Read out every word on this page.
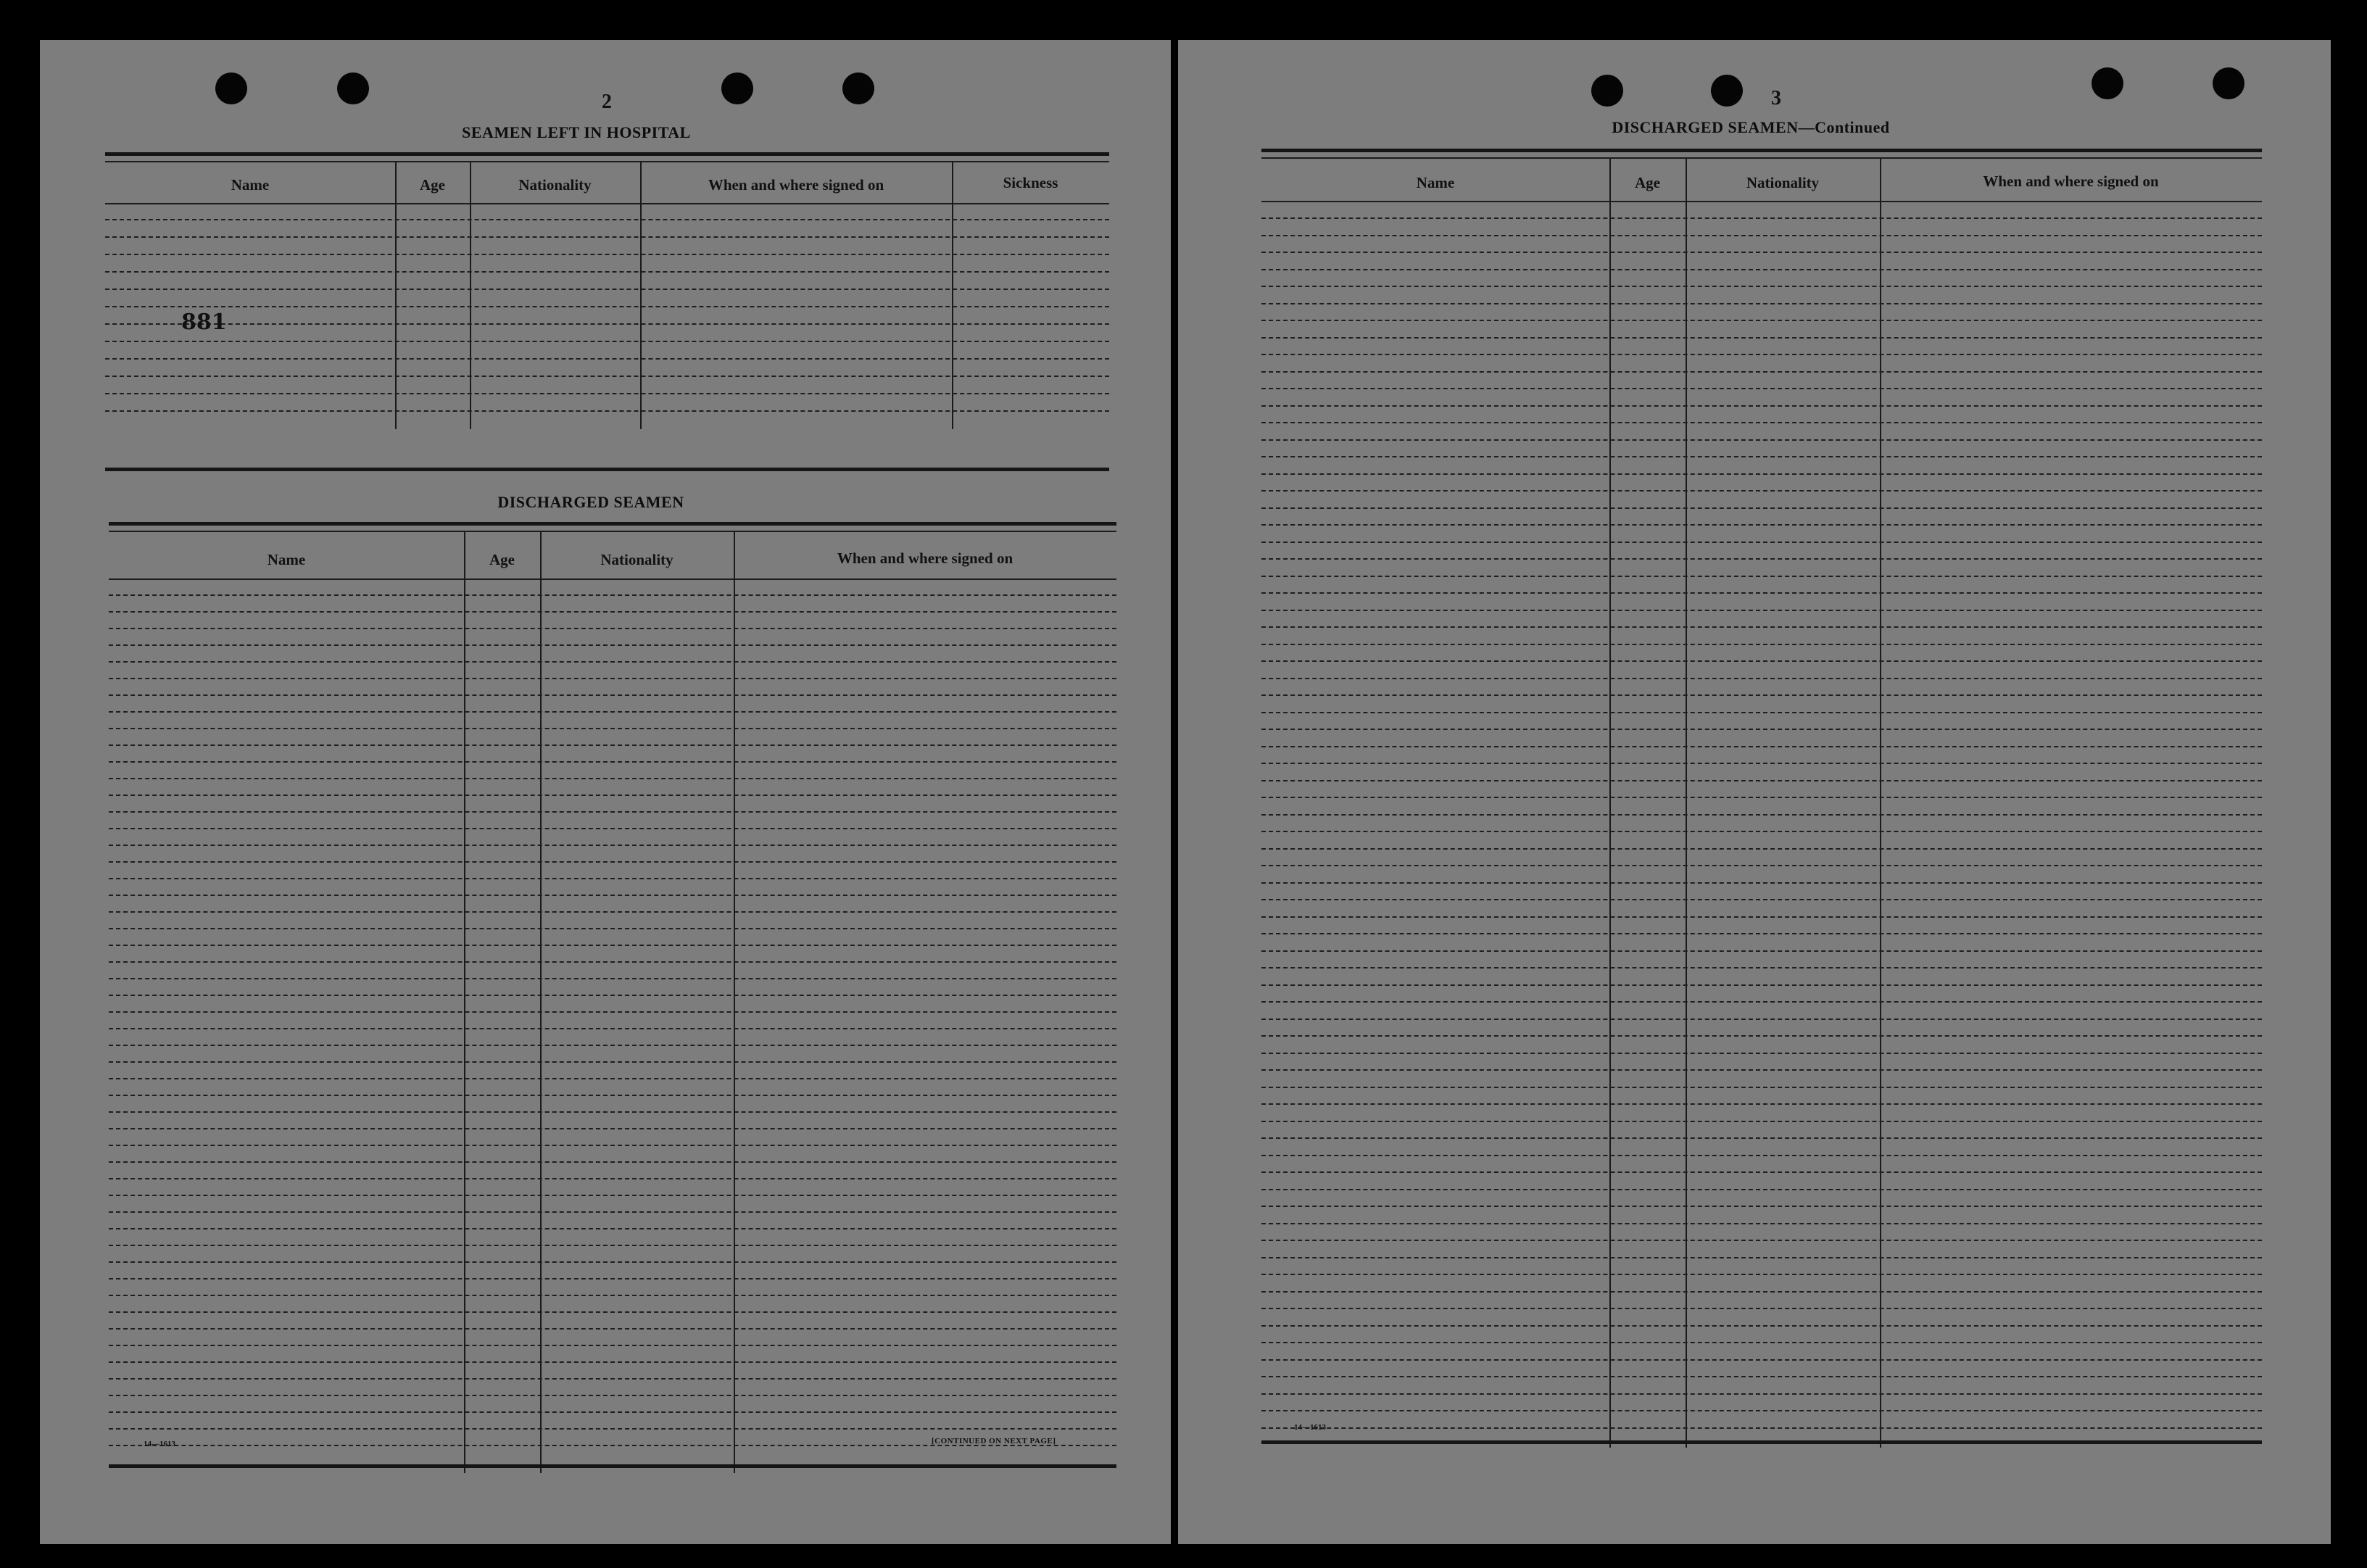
2
SEAMEN LEFT IN HOSPITAL
Name	Age	Nationality	When and where signed on	Sickness
881
DISCHARGED SEAMEN
Name	Age	Nationality	When and where signed on
14—1613	[CONTINUED ON NEXT PAGE]
3
DISCHARGED SEAMEN—Continued
Name	Age	Nationality	When and where signed on
14—1613
